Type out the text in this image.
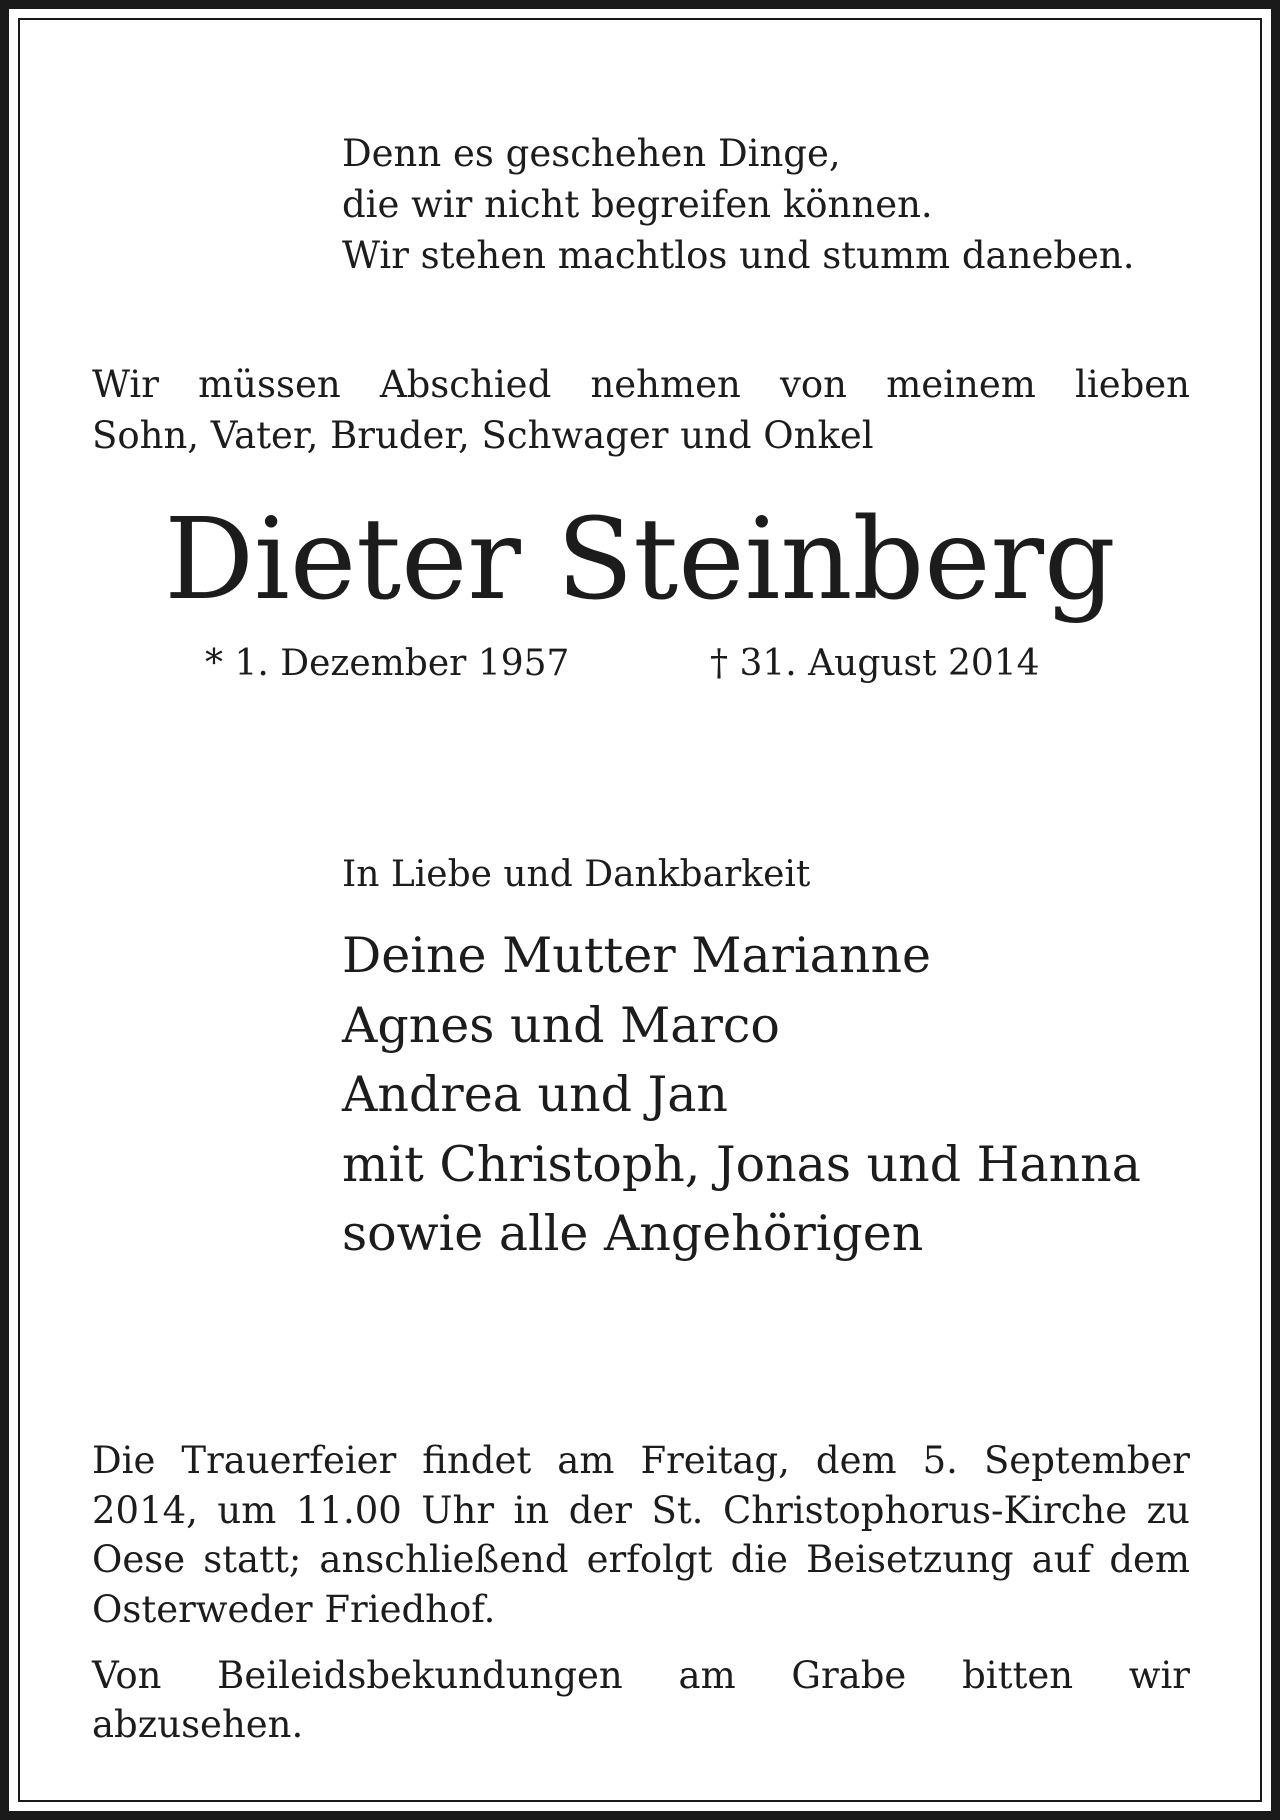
Denn es geschehen Dinge,
die wir nicht begreifen können.
Wir stehen machtlos und stumm daneben.
Wir müssen Abschied nehmen von meinem lieben
Sohn, Vater, Bruder, Schwager und Onkel
Dieter Steinberg
* 1. Dezember 1957	† 31. August 2014
In Liebe und Dankbarkeit
Deine Mutter Marianne
Agnes und Marco
Andrea und Jan
mit Christoph, Jonas und Hanna
sowie alle Angehörigen
Die Trauerfeier findet am Freitag, dem 5. September
2014, um 11.00 Uhr in der St. Christophorus-Kirche zu
Oese statt; anschließend erfolgt die Beisetzung auf dem
Osterweder Friedhof.
Von Beileidsbekundungen am Grabe bitten wir abzusehen.
